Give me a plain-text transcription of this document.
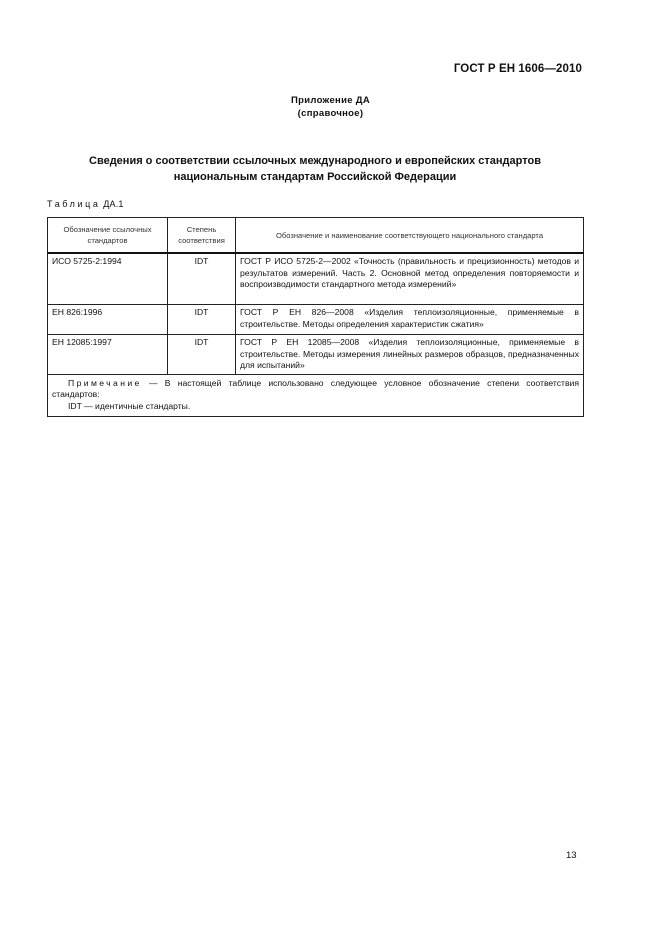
ГОСТ Р ЕН 1606—2010
Приложение ДА
(справочное)
Сведения о соответствии ссылочных международного и европейских стандартов
национальным стандартам Российской Федерации
Таблица ДА.1
Обозначение ссылочных стандартов	Степень соответствия	Обозначение и наименование соответствующего национального стандарта
ИСО 5725-2:1994	IDT	ГОСТ Р ИСО 5725-2—2002 «Точность (правильность и прецизионность) методов и результатов измерений. Часть 2. Основной метод определения повторяемости и воспроизводимости стандартного метода измерений»
ЕН 826:1996	IDT	ГОСТ Р ЕН 826—2008 «Изделия теплоизоляционные, применяемые в строительстве. Методы определения характеристик сжатия»
ЕН 12085:1997	IDT	ГОСТ Р ЕН 12085—2008 «Изделия теплоизоляционные, применяемые в строительстве. Методы измерения линейных размеров образцов, предназначенных для испытаний»
Примечание — В настоящей таблице использовано следующее условное обозначение степени соответствия стандартов:
IDT — идентичные стандарты.		
13
